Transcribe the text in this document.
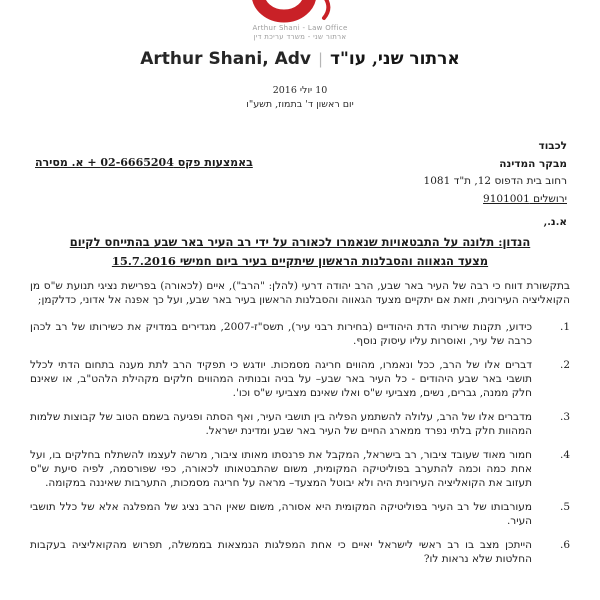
Arthur Shani - Law Office
ארתור שני - משרד עריכת דין
Arthur Shani, Adv | ארתור שני, עו"ד
10 יולי 2016
יום ראשון ד' בתמוז, תשע"ו
באמצעות פקס 02-6665204 + א. מסירה
לכבוד
מבקר המדינה
רחוב בית הדפוס 12, ת"ד 1081
ירושלים 9101001
א.נ.,
הנדון: תלונה על התבטאויות שנאמרו לכאורה על ידי רב העיר באר שבע בהתייחס לקיום
מצעד הגאווה והסבלנות הראשון שיתקיים בעיר ביום חמישי 15.7.2016
בתקשורת דווח כי רבה של העיר באר שבע, הרב יהודה דרעי (להלן: "הרב"), איים (לכאורה) בפרישת נציגי תנועת ש"ס מן הקואליציה העירונית, וזאת אם יתקיים מצעד הגאווה והסבלנות הראשון בעיר באר שבע, ועל כך אפנה אל אדוני, כדלקמן;
1.
כידוע, תקנות שירותי הדת היהודיים (בחירות רבני עיר), תשס"ז-2007, מגדירים במדויק את כשירותו של רב לכהן כרבה של עיר, ואוסרות עליו עיסוק נוסף.
2.
דברים אלו של הרב, ככל ונאמרו, מהווים חריגה מסמכות. יודגש כי תפקיד הרב לתת מענה בתחום הדתי לכלל תושבי באר שבע היהודים - כל העיר באר שבע– על בניה ובנותיה המהווים חלקים מקהילת הלהט"ב, או שאינם חלק ממנה, גברים, נשים, מצביעי ש"ס ואלו שאינם מצביעי ש"ס וכו'.
3.
מדברים אלו של הרב, עלולה להשתמע הפליה בין תושבי העיר, ואף הסתה ופגיעה בשמם הטוב של קבוצות שלמות המהוות חלק בלתי נפרד ממארג החיים של העיר באר שבע ומדינת ישראל.
4.
חמור מאוד שעובד ציבור, רב בישראל, המקבל את פרנסתו מאותו ציבור, מרשה לעצמו להשתלח בחלקים בו, ועל אחת כמה וכמה להתערב בפוליטיקה המקומית, משום שהתבטאותו לכאורה, כפי שפורסמה, לפיה סיעת ש"ס תעזוב את הקואליציה העירונית היה ולא יבוטל המצעד– מראה על חריגה מסמכות, התערבות שאיננה במקומה.
5.
מעורבותו של רב העיר בפוליטיקה המקומית היא אסורה, משום שאין הרב נציג של המפלגה אלא של כלל תושבי העיר.
6.
הייתכן מצב בו רב ראשי לישראל יאיים כי אחת המפלגות הנמצאות בממשלה, תפרוש מהקואליציה בעקבות החלטות שלא נראות לו?
